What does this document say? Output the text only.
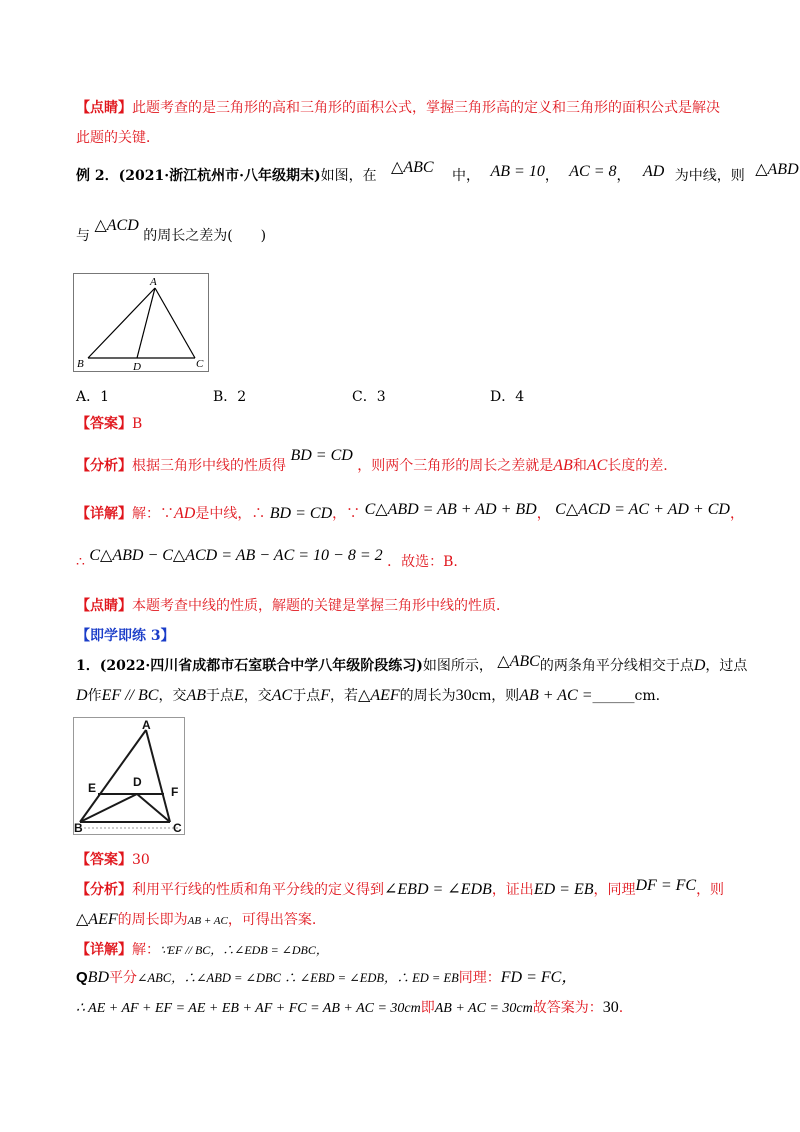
【点睛】此题考查的是三角形的高和三角形的面积公式，掌握三角形高的定义和三角形的面积公式是解决
此题的关键．
例 2．(2021·浙江杭州市·八年级期末)如图，在 △ABC 中， AB = 10， AC = 8， AD 为中线，则 △ABD
与 △ACD 的周长之差为(　　)
A
B	C
D
A．1	B．2	C．3	D．4
【答案】B
【分析】根据三角形中线的性质得 BD = CD ，则两个三角形的周长之差就是AB和AC长度的差.
【详解】解：∵AD是中线，∴ BD = CD，∵ C△ABD = AB + AD + BD， C△ACD = AC + AD + CD，
∴ C△ABD − C△ACD = AB − AC = 10 − 8 = 2 ．故选：B.
【点睛】本题考查中线的性质，解题的关键是掌握三角形中线的性质．
【即学即练 3】
1．(2022·四川省成都市石室联合中学八年级阶段练习)如图所示， △ABC的两条角平分线相交于点D，过点
D作EF // BC，交AB于点E，交AC于点F，若△AEF的周长为30cm，则AB + AC =______cm.
A
B	C
D
E	F
【答案】30
【分析】利用平行线的性质和角平分线的定义得到∠EBD = ∠EDB，证出ED = EB，同理DF = FC，则
△AEF的周长即为AB + AC，可得出答案.
【详解】解：∵EF // BC，∴∠EDB = ∠DBC，
QBD平分∠ABC，∴∠ABD = ∠DBC ∴ ∠EBD = ∠EDB，∴ ED = EB同理：FD = FC，
∴ AE + AF + EF = AE + EB + AF + FC = AB + AC = 30cm即AB + AC = 30cm故答案为：30.
